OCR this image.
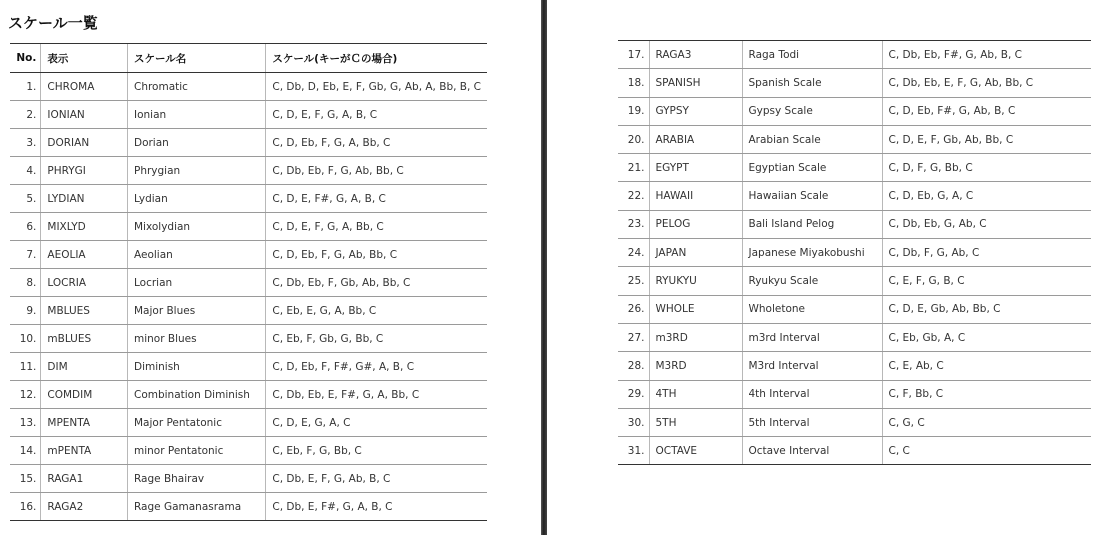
スケール一覧
No.	表示	スケール名	スケール(キーがＣの場合)
1.	CHROMA	Chromatic	C, Db, D, Eb, E, F, Gb, G, Ab, A, Bb, B, C
2.	IONIAN	Ionian	C, D, E, F, G, A, B, C
3.	DORIAN	Dorian	C, D, Eb, F, G, A, Bb, C
4.	PHRYGI	Phrygian	C, Db, Eb, F, G, Ab, Bb, C
5.	LYDIAN	Lydian	C, D, E, F#, G, A, B, C
6.	MIXLYD	Mixolydian	C, D, E, F, G, A, Bb, C
7.	AEOLIA	Aeolian	C, D, Eb, F, G, Ab, Bb, C
8.	LOCRIA	Locrian	C, Db, Eb, F, Gb, Ab, Bb, C
9.	MBLUES	Major Blues	C, Eb, E, G, A, Bb, C
10.	mBLUES	minor Blues	C, Eb, F, Gb, G, Bb, C
11.	DIM	Diminish	C, D, Eb, F, F#, G#, A, B, C
12.	COMDIM	Combination Diminish	C, Db, Eb, E, F#, G, A, Bb, C
13.	MPENTA	Major Pentatonic	C, D, E, G, A, C
14.	mPENTA	minor Pentatonic	C, Eb, F, G, Bb, C
15.	RAGA1	Rage Bhairav	C, Db, E, F, G, Ab, B, C
16.	RAGA2	Rage Gamanasrama	C, Db, E, F#, G, A, B, C
17.	RAGA3	Raga Todi	C, Db, Eb, F#, G, Ab, B, C
18.	SPANISH	Spanish Scale	C, Db, Eb, E, F, G, Ab, Bb, C
19.	GYPSY	Gypsy Scale	C, D, Eb, F#, G, Ab, B, C
20.	ARABIA	Arabian Scale	C, D, E, F, Gb, Ab, Bb, C
21.	EGYPT	Egyptian Scale	C, D, F, G, Bb, C
22.	HAWAII	Hawaiian Scale	C, D, Eb, G, A, C
23.	PELOG	Bali Island Pelog	C, Db, Eb, G, Ab, C
24.	JAPAN	Japanese Miyakobushi	C, Db, F, G, Ab, C
25.	RYUKYU	Ryukyu Scale	C, E, F, G, B, C
26.	WHOLE	Wholetone	C, D, E, Gb, Ab, Bb, C
27.	m3RD	m3rd Interval	C, Eb, Gb, A, C
28.	M3RD	M3rd Interval	C, E, Ab, C
29.	4TH	4th Interval	C, F, Bb, C
30.	5TH	5th Interval	C, G, C
31.	OCTAVE	Octave Interval	C, C
